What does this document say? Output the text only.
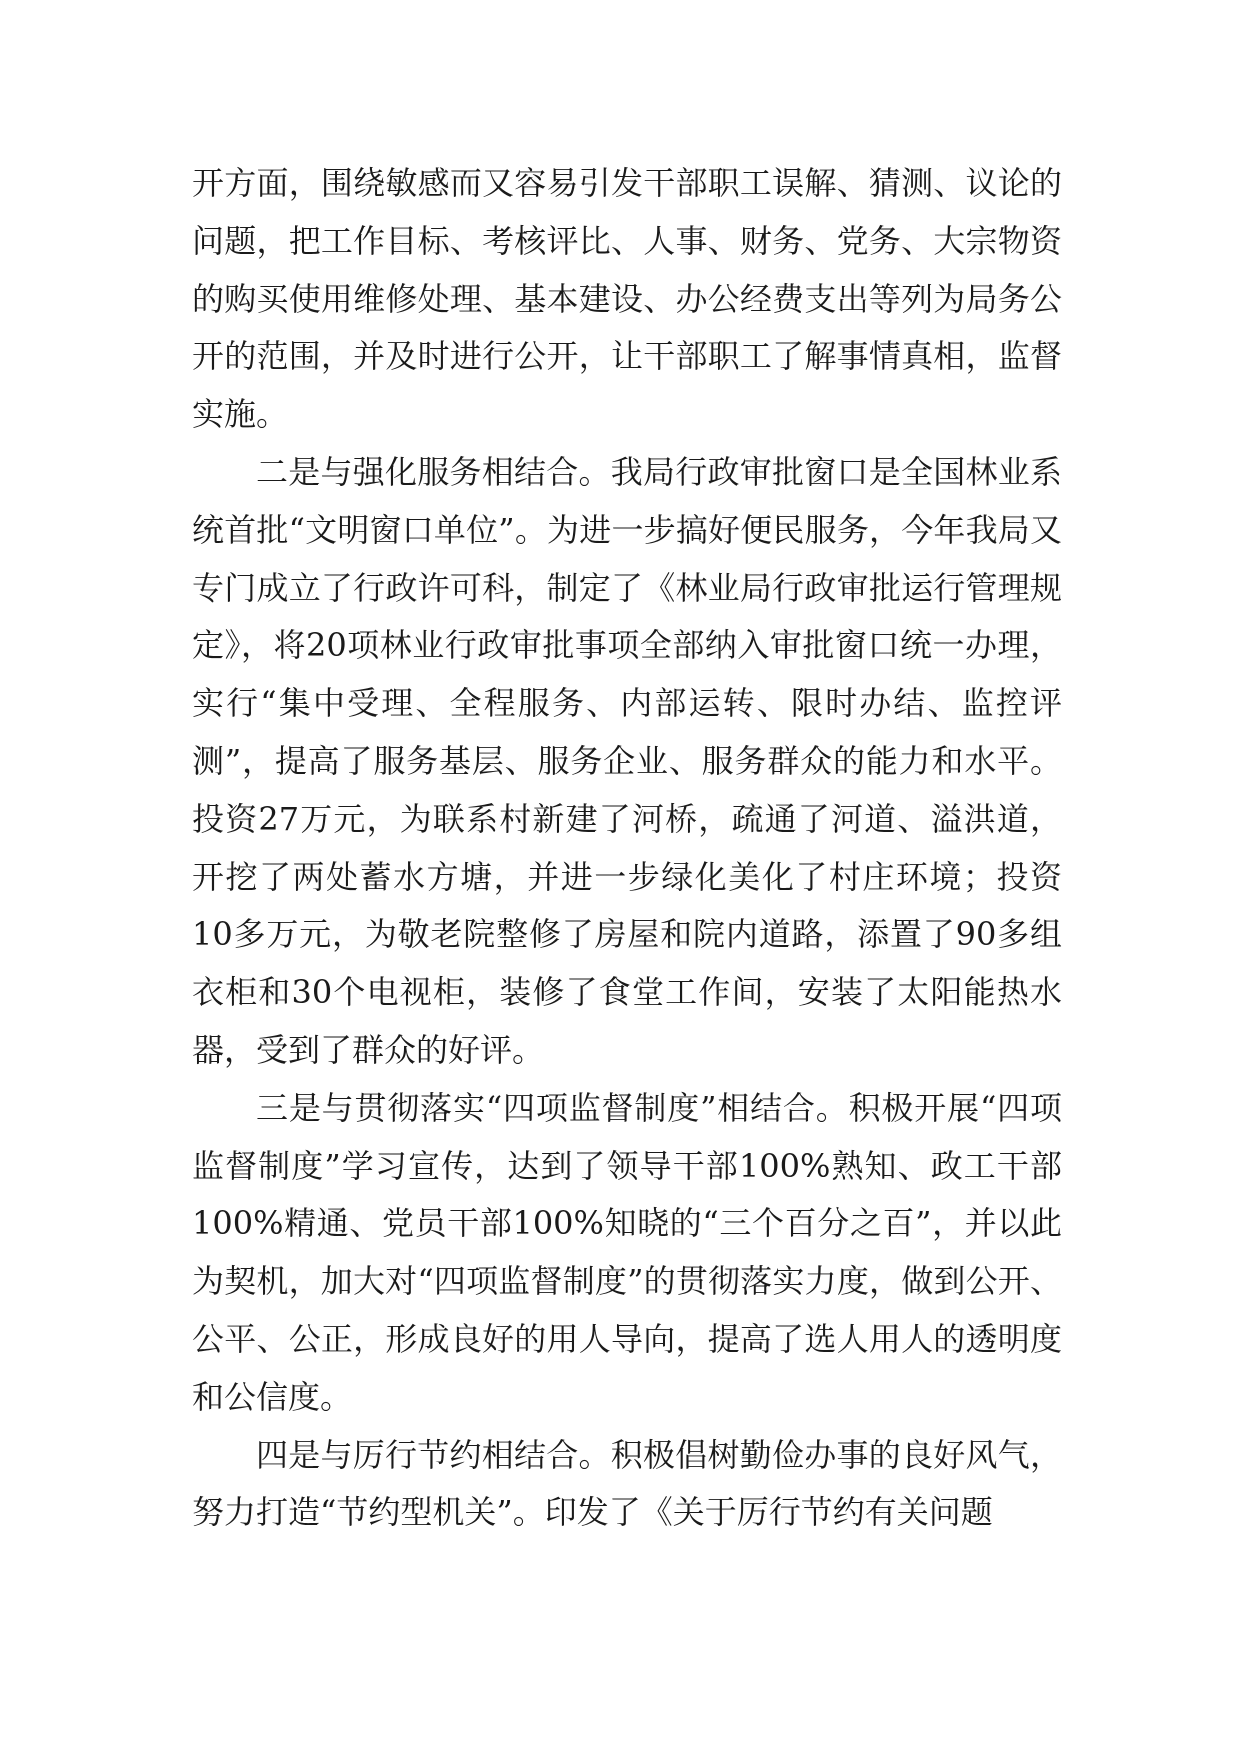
开方面，围绕敏感而又容易引发干部职工误解、猜测、议论的问题，把工作目标、考核评比、人事、财务、党务、大宗物资的购买使用维修处理、基本建设、办公经费支出等列为局务公开的范围，并及时进行公开，让干部职工了解事情真相，监督实施。

二是与强化服务相结合。我局行政审批窗口是全国林业系统首批“文明窗口单位”。为进一步搞好便民服务，今年我局又专门成立了行政许可科，制定了《林业局行政审批运行管理规定》，将20项林业行政审批事项全部纳入审批窗口统一办理，实行“集中受理、全程服务、内部运转、限时办结、监控评测”，提高了服务基层、服务企业、服务群众的能力和水平。投资27万元，为联系村新建了河桥，疏通了河道、溢洪道，开挖了两处蓄水方塘，并进一步绿化美化了村庄环境；投资10多万元，为敬老院整修了房屋和院内道路，添置了90多组衣柜和30个电视柜，装修了食堂工作间，安装了太阳能热水器，受到了群众的好评。

三是与贯彻落实“四项监督制度”相结合。积极开展“四项监督制度”学习宣传，达到了领导干部100%熟知、政工干部100%精通、党员干部100%知晓的“三个百分之百”，并以此为契机，加大对“四项监督制度”的贯彻落实力度，做到公开、公平、公正，形成良好的用人导向，提高了选人用人的透明度和公信度。

四是与厉行节约相结合。积极倡树勤俭办事的良好风气，努力打造“节约型机关”。印发了《关于厉行节约有关问题
